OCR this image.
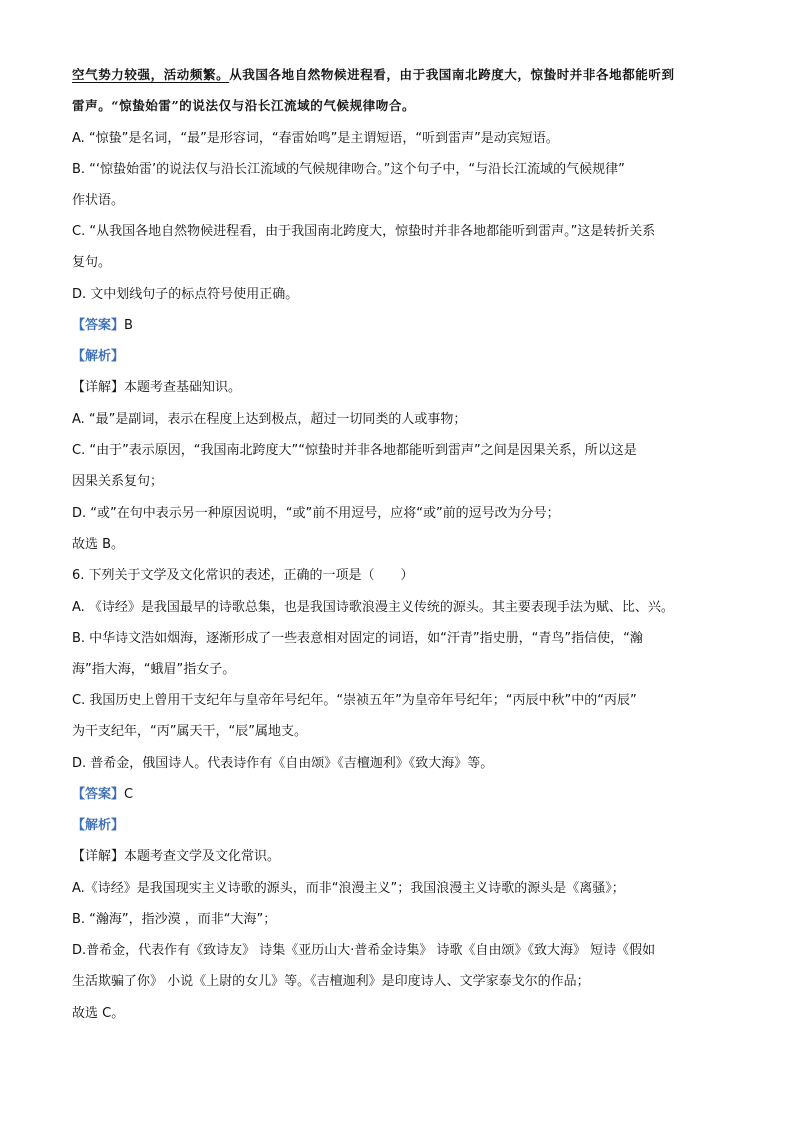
空气势力较强，活动频繁。从我国各地自然物候进程看，由于我国南北跨度大，惊蛰时并非各地都能听到
雷声。“惊蛰始雷”的说法仅与沿长江流域的气候规律吻合。
A. “惊蛰”是名词，“最”是形容词，“春雷始鸣”是主谓短语，“听到雷声”是动宾短语。
B. “‘惊蛰始雷’的说法仅与沿长江流域的气候规律吻合。”这个句子中，“与沿长江流域的气候规律”
作状语。
C. “从我国各地自然物候进程看，由于我国南北跨度大，惊蛰时并非各地都能听到雷声。”这是转折关系
复句。
D. 文中划线句子的标点符号使用正确。
【答案】B
【解析】
【详解】本题考查基础知识。
A. “最”是副词，表示在程度上达到极点，超过一切同类的人或事物；
C. “由于”表示原因，“我国南北跨度大”“惊蛰时并非各地都能听到雷声”之间是因果关系，所以这是
因果关系复句；
D. “或”在句中表示另一种原因说明，“或”前不用逗号，应将“或”前的逗号改为分号；
故选 B。
6. 下列关于文学及文化常识的表述，正确的一项是（　　）
A. 《诗经》是我国最早的诗歌总集，也是我国诗歌浪漫主义传统的源头。其主要表现手法为赋、比、兴。
B. 中华诗文浩如烟海，逐渐形成了一些表意相对固定的词语，如“汗青”指史册，“青鸟”指信使，“瀚
海”指大海，“蛾眉”指女子。
C. 我国历史上曾用干支纪年与皇帝年号纪年。“崇祯五年”为皇帝年号纪年；“丙辰中秋”中的“丙辰”
为干支纪年，“丙”属天干，“辰”属地支。
D. 普希金，俄国诗人。代表诗作有《自由颂》《吉檀迦利》《致大海》等。
【答案】C
【解析】
【详解】本题考查文学及文化常识。
A.《诗经》是我国现实主义诗歌的源头，而非“浪漫主义”；我国浪漫主义诗歌的源头是《离骚》；
B. “瀚海”，指沙漠 ，而非“大海”；
D.普希金，代表作有《致诗友》 诗集《亚历山大·普希金诗集》 诗歌《自由颂》《致大海》 短诗《假如
生活欺骗了你》 小说《上尉的女儿》等。《吉檀迦利》是印度诗人、文学家泰戈尔的作品；
故选 C。
